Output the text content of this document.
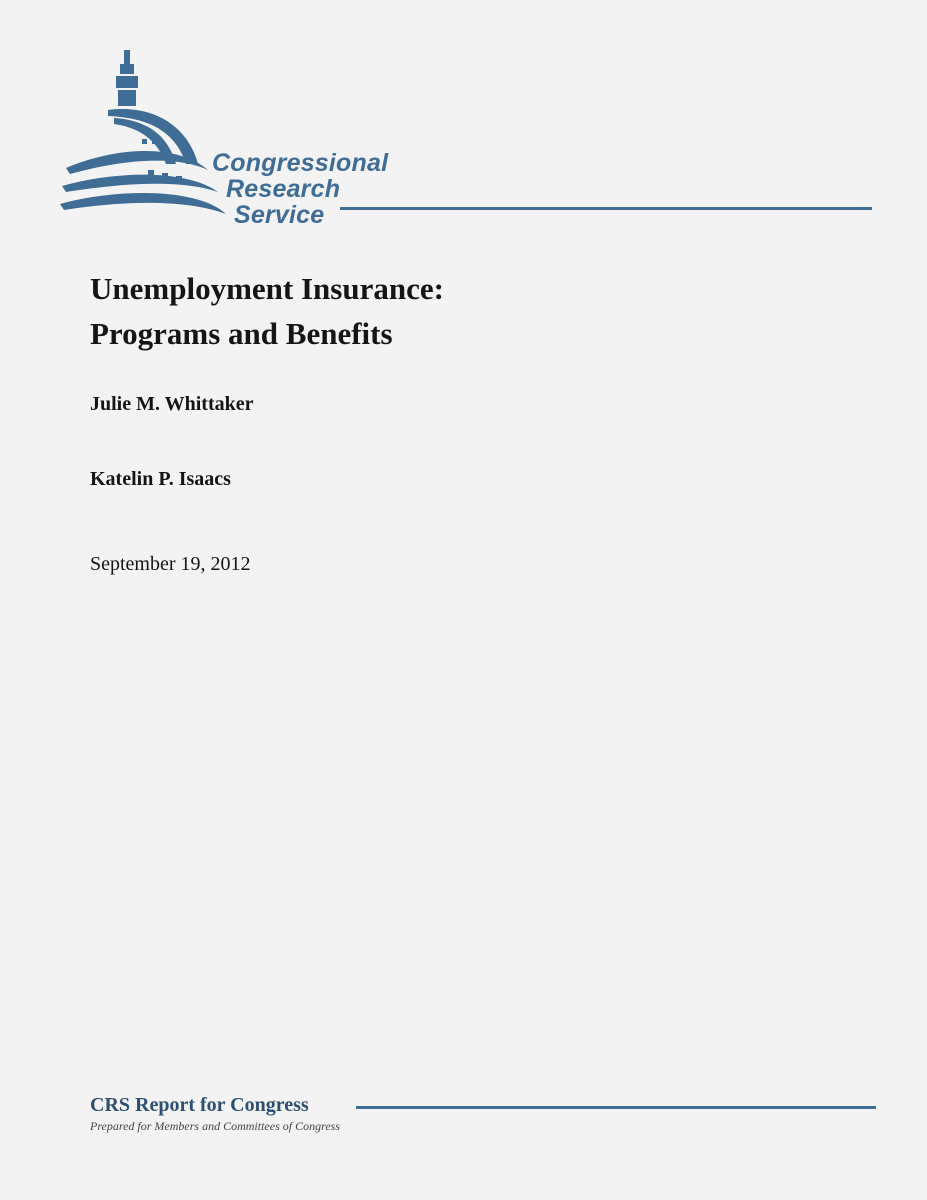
Congressional
Research
Service
Unemployment Insurance:
Programs and Benefits
Julie M. Whittaker
Katelin P. Isaacs
September 19, 2012
CRS Report for Congress
Prepared for Members and Committees of Congress
